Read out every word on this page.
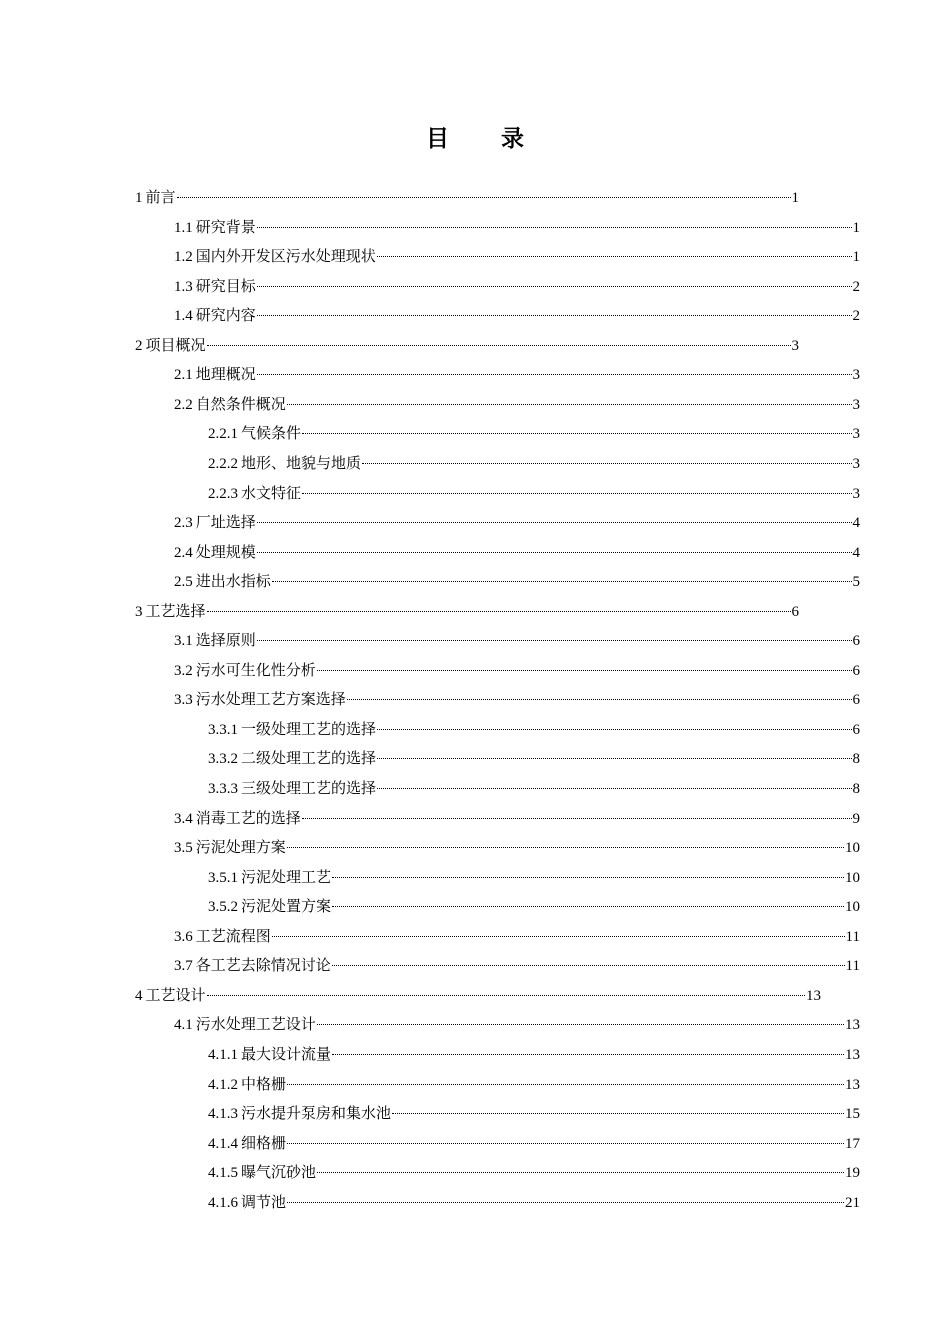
目 录
1 前言	1
1.1 研究背景	1
1.2 国内外开发区污水处理现状	1
1.3 研究目标	2
1.4 研究内容	2
2 项目概况	3
2.1 地理概况	3
2.2 自然条件概况	3
2.2.1 气候条件	3
2.2.2 地形、地貌与地质	3
2.2.3 水文特征	3
2.3 厂址选择	4
2.4 处理规模	4
2.5 进出水指标	5
3 工艺选择	6
3.1 选择原则	6
3.2 污水可生化性分析	6
3.3 污水处理工艺方案选择	6
3.3.1 一级处理工艺的选择	6
3.3.2 二级处理工艺的选择	8
3.3.3 三级处理工艺的选择	8
3.4 消毒工艺的选择	9
3.5 污泥处理方案	10
3.5.1 污泥处理工艺	10
3.5.2 污泥处置方案	10
3.6 工艺流程图	11
3.7 各工艺去除情况讨论	11
4 工艺设计	13
4.1 污水处理工艺设计	13
4.1.1 最大设计流量	13
4.1.2 中格栅	13
4.1.3 污水提升泵房和集水池	15
4.1.4 细格栅	17
4.1.5 曝气沉砂池	19
4.1.6 调节池	21
